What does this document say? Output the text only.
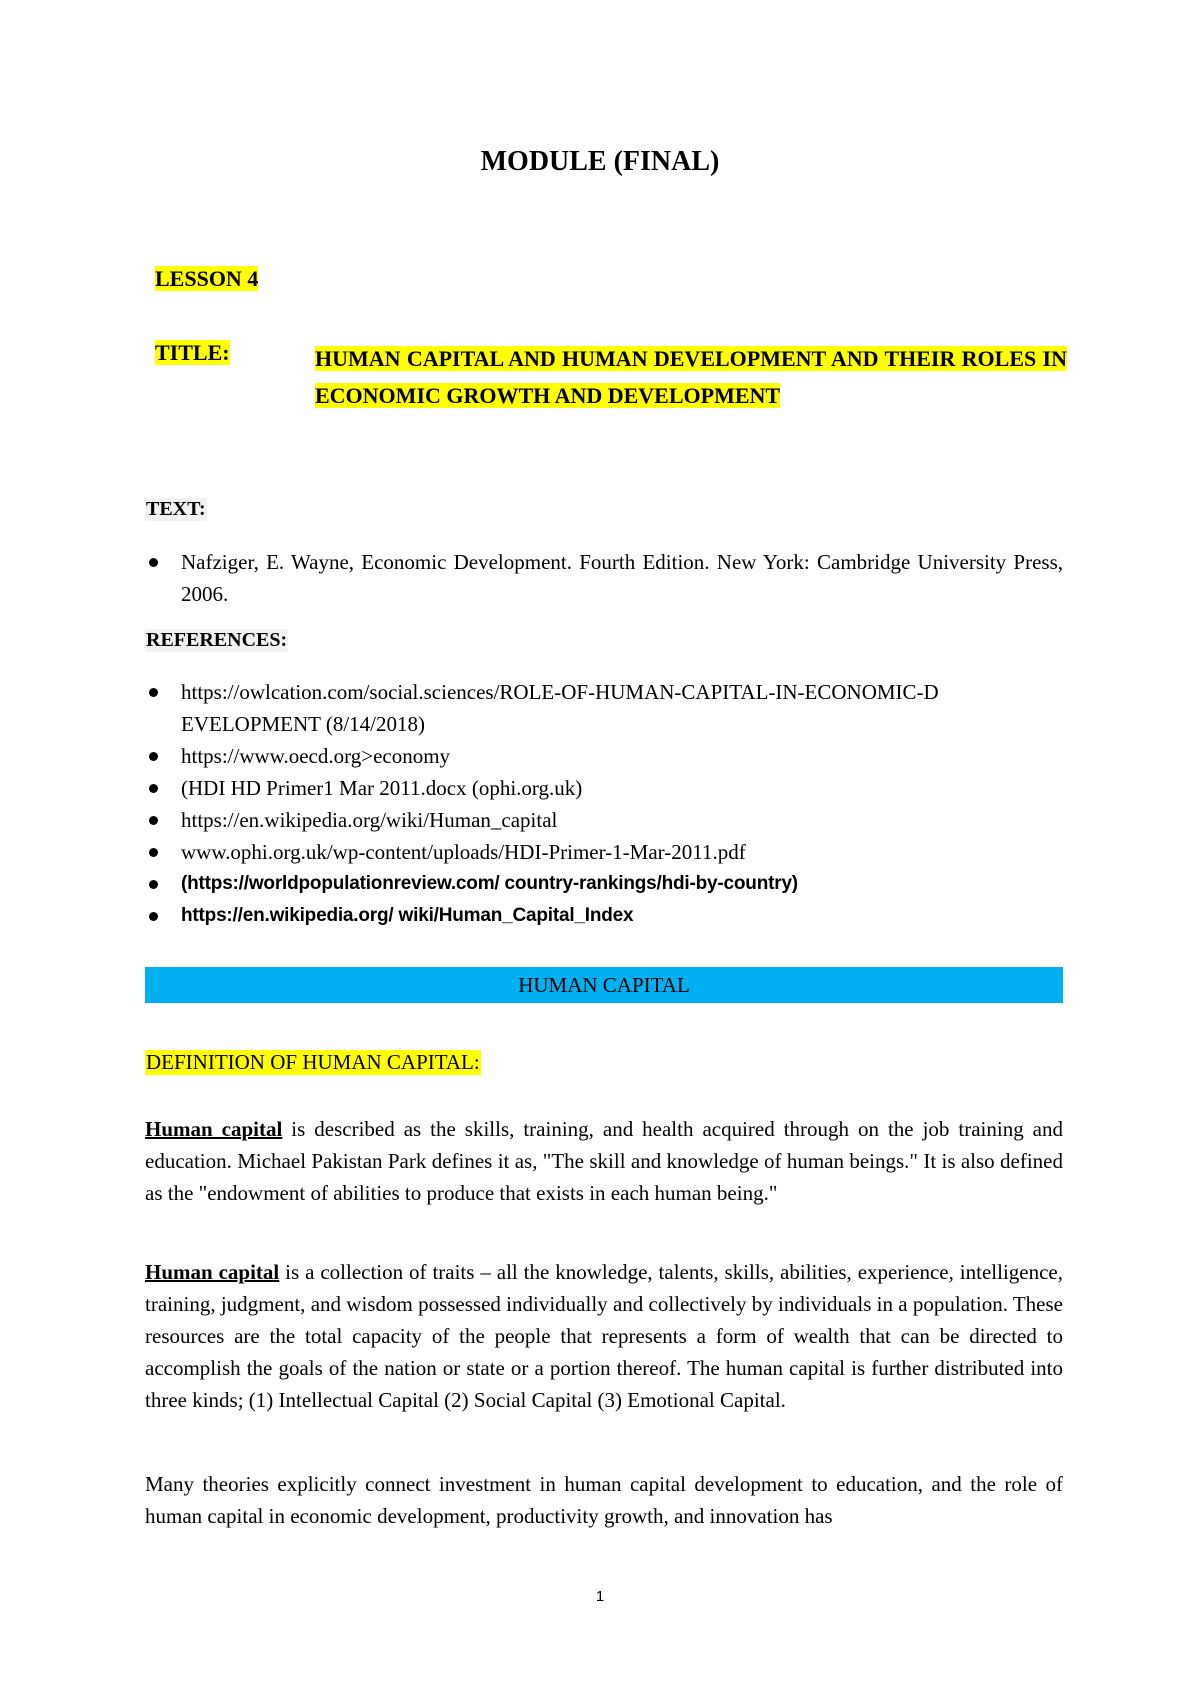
MODULE (FINAL)
LESSON 4
TITLE:	HUMAN CAPITAL AND HUMAN DEVELOPMENT AND THEIR ROLES IN ECONOMIC GROWTH AND DEVELOPMENT
TEXT:
Nafziger, E. Wayne, Economic Development. Fourth Edition. New York: Cambridge University Press, 2006.
REFERENCES:
https://owlcation.com/social.sciences/ROLE-OF-HUMAN-CAPITAL-IN-ECONOMIC-D EVELOPMENT (8/14/2018)
https://www.oecd.org>economy
(HDI HD Primer1 Mar 2011.docx (ophi.org.uk)
https://en.wikipedia.org/wiki/Human_capital
www.ophi.org.uk/wp-content/uploads/HDI-Primer-1-Mar-2011.pdf
(https://worldpopulationreview.com/ country-rankings/hdi-by-country)
https://en.wikipedia.org/ wiki/Human_Capital_Index
HUMAN CAPITAL
DEFINITION OF HUMAN CAPITAL:

Human capital is described as the skills, training, and health acquired through on the job training and education. Michael Pakistan Park defines it as, "The skill and knowledge of human beings." It is also defined as the "endowment of abilities to produce that exists in each human being."

Human capital is a collection of traits – all the knowledge, talents, skills, abilities, experience, intelligence, training, judgment, and wisdom possessed individually and collectively by individuals in a population. These resources are the total capacity of the people that represents a form of wealth that can be directed to accomplish the goals of the nation or state or a portion thereof. The human capital is further distributed into three kinds; (1) Intellectual Capital (2) Social Capital (3) Emotional Capital.

Many theories explicitly connect investment in human capital development to education, and the role of human capital in economic development, productivity growth, and innovation has

1
